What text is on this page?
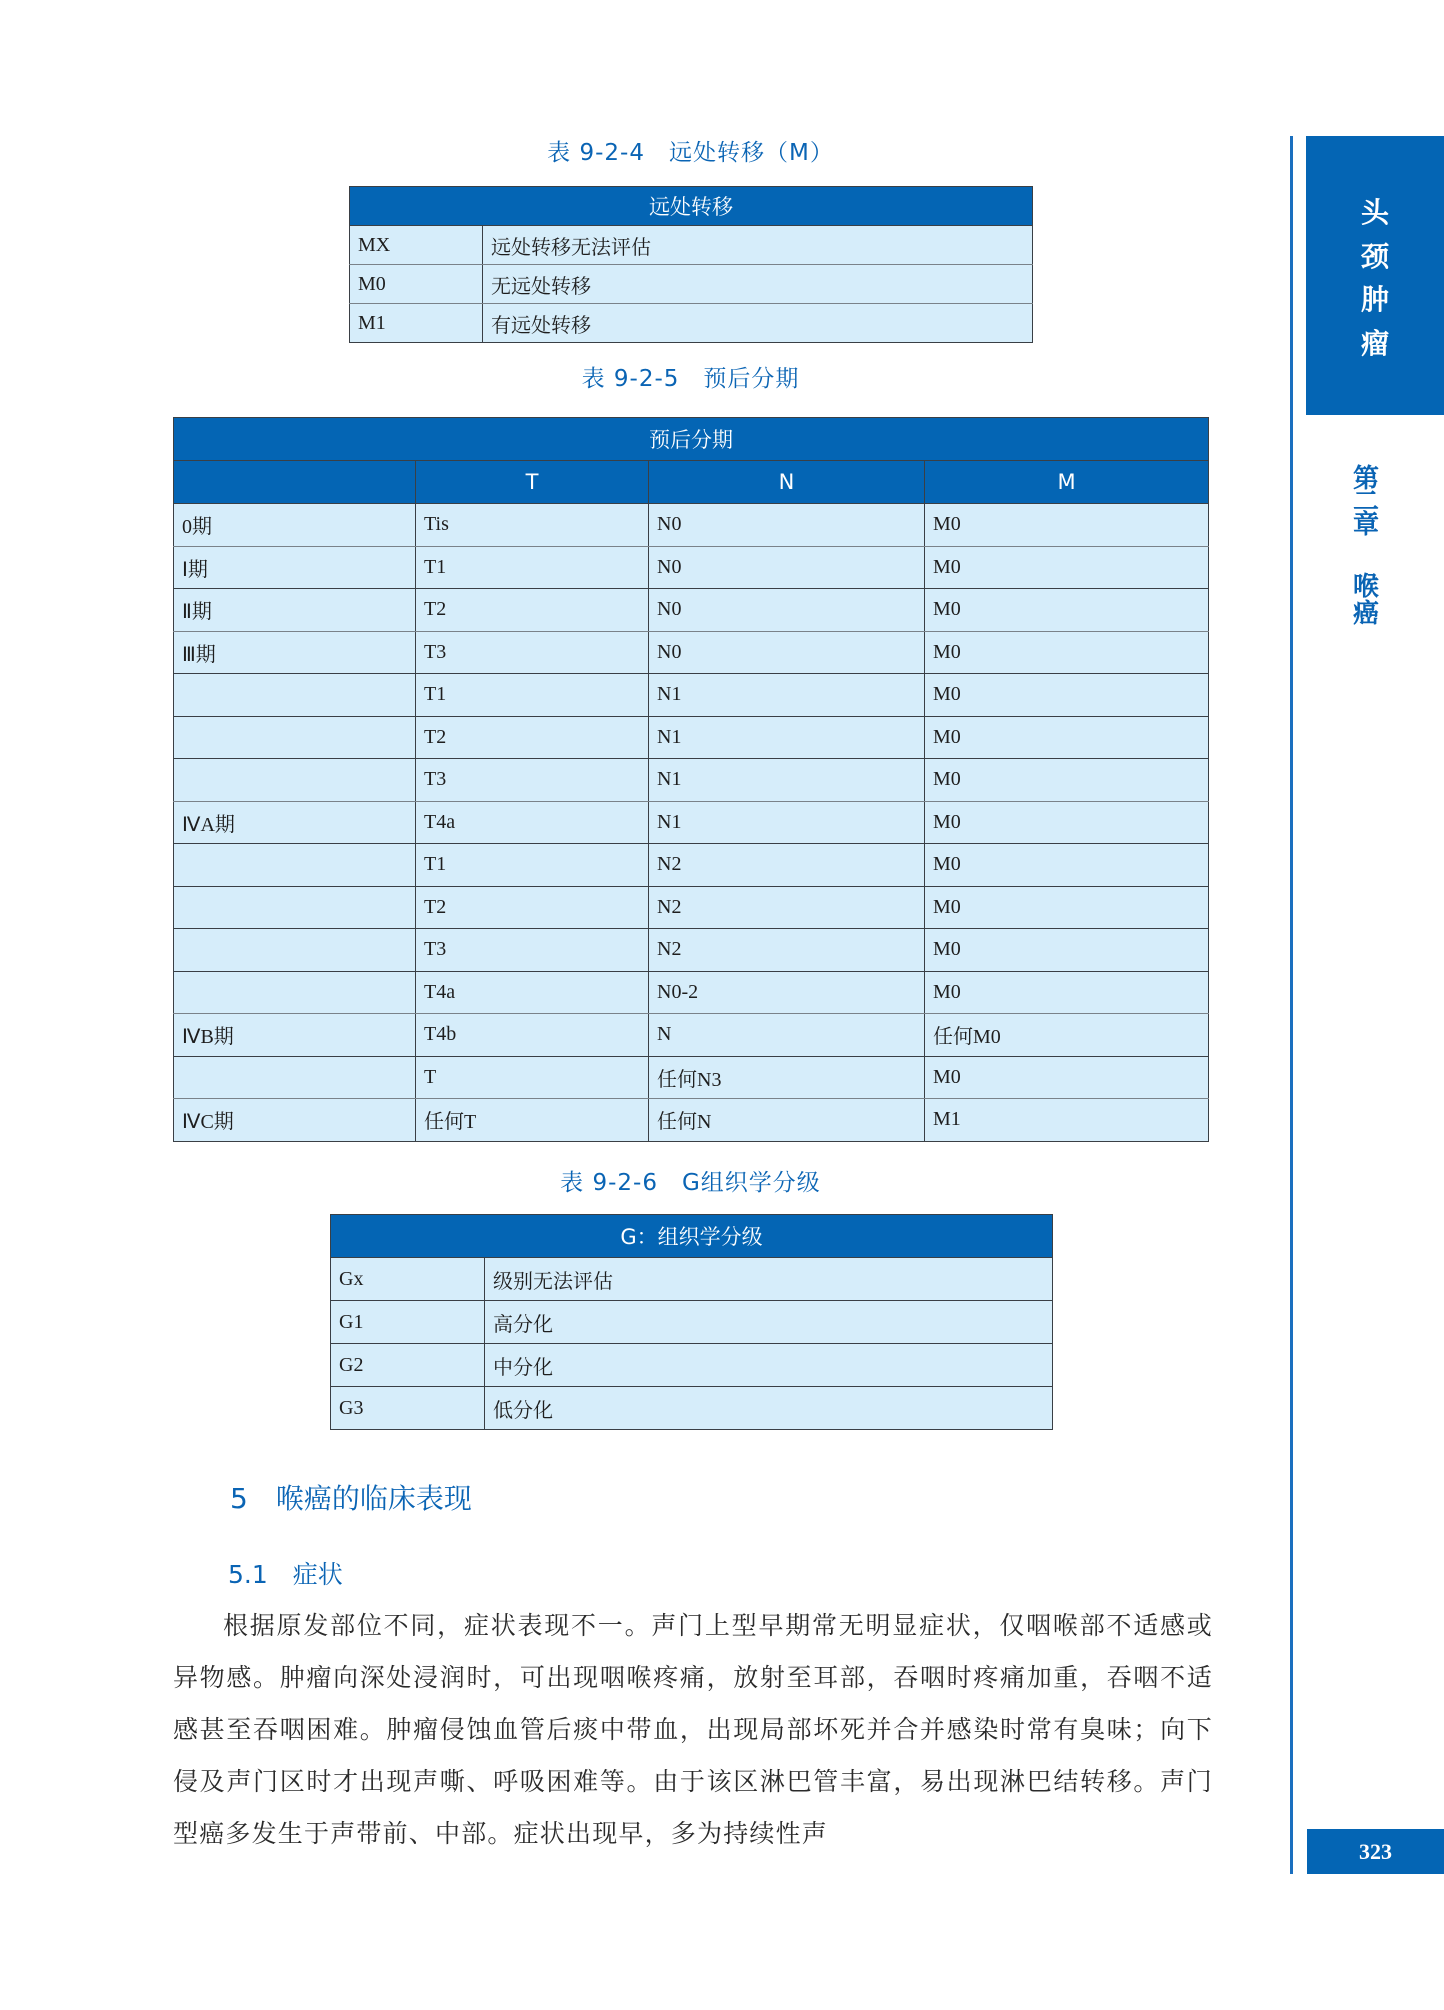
表 9-2-4　远处转移（M）
远处转移	
MX	远处转移无法评估
M0	无远处转移
M1	有远处转移
表 9-2-5　预后分期
预后分期			
	T	N	M
0期	Tis	N0	M0
Ⅰ期	T1	N0	M0
Ⅱ期	T2	N0	M0
Ⅲ期	T3	N0	M0
	T1	N1	M0
	T2	N1	M0
	T3	N1	M0
ⅣA期	T4a	N1	M0
	T1	N2	M0
	T2	N2	M0
	T3	N2	M0
	T4a	N0-2	M0
ⅣB期	T4b	N	任何M0
	T	任何N3	M0
ⅣC期	任何T	任何N	M1
表 9-2-6　G组织学分级
G：组织学分级	
Gx	级别无法评估
G1	高分化
G2	中分化
G3	低分化
5　喉癌的临床表现
5.1　症状
根据原发部位不同，症状表现不一。声门上型早期常无明显症状，仅咽喉部不适感或异物感。肿瘤向深处浸润时，可出现咽喉疼痛，放射至耳部，吞咽时疼痛加重，吞咽不适感甚至吞咽困难。肿瘤侵蚀血管后痰中带血，出现局部坏死并合并感染时常有臭味；向下侵及声门区时才出现声嘶、呼吸困难等。由于该区淋巴管丰富，易出现淋巴结转移。声门型癌多发生于声带前、中部。症状出现早，多为持续性声
头
颈
肿
瘤
第
二
章
喉
癌
323
